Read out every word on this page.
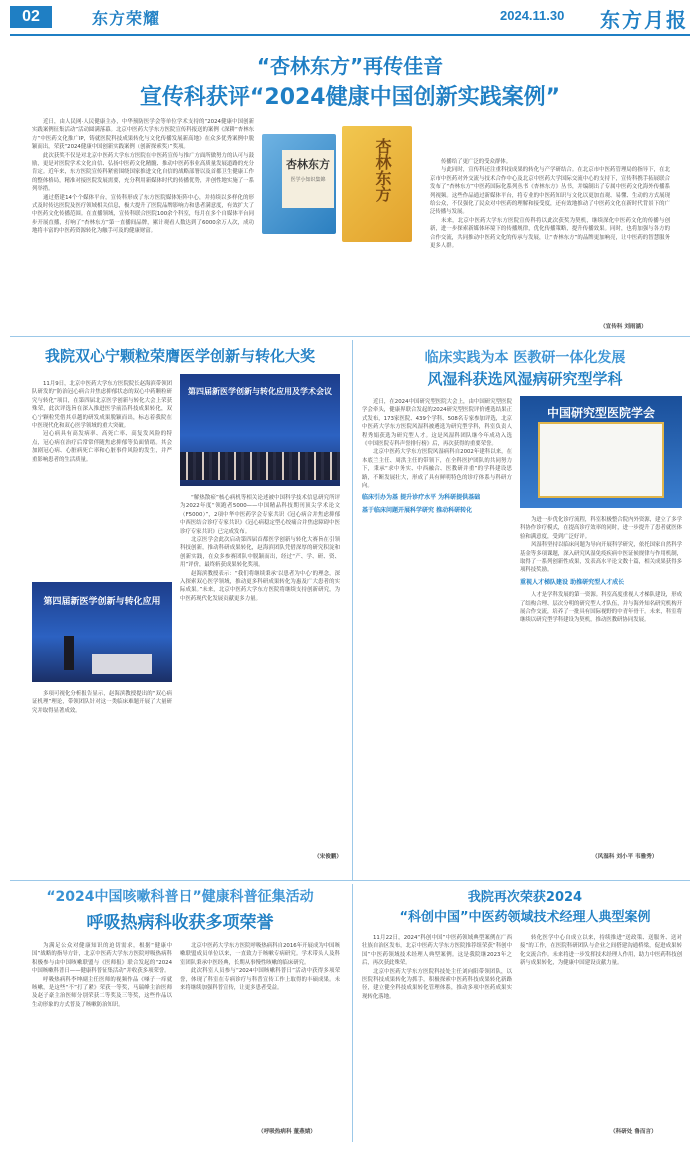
02	东方荣耀	2024.11.30 东方月报
“杏林东方”再传佳音
宣传科获评“2024健康中国创新实践案例”

近日，由人民网·人民健康主办，中华预防医学会等单位学术支持的“2024健康中国创新实践案例征集活动”活动圆满落幕。北京中医药大学东方医院宣传科报送的案例《深耕“杏林东方”中医药文化推广IP，铸就医院科技成果转化与文化传播发展新高地》在众多优秀案例中脱颖而出，荣获“2024健康中国创新实践案例（创新探索奖）”奖项。

此次获奖不仅是对北京中医药大学东方医院在中医药宣传与推广方面所做努力的认可与鼓励，更是对医院学术文化自信、弘扬中医药文化精髓、推动中医药事业高质量发展道路的充分肯定。近年来，东方医院宣传科紧密围绕国家推进文化自信的战略部署以及首都卫生健康工作的整体格局，精准对接医院发展需要，充分利用新媒体时代的传播优势，并创性地实施了一系列举措。

通过搭建14个个媒体平台，宣传科形成了东方医院媒体矩阵中心，并持续以多样化的形式及时传达医院及医疗领域相关信息，极大提升了医院品牌影响力和患者满意度，有效扩大了中医药文化传播范围。在直播领域，宣传科联合医院100余个科室，每月在多个自媒体平台同步开展直播，打响了“杏林东方”第一直播间品牌，累计观看人数达到了6000余万人次，成功地将丰富的中医药资源转化为触手可及的健康财富。

杏林东方
医学小知识集锦	杏林东方	传播给了更广泛的受众群体。

与此同时，宣传科还注重科技成果的转化与产学研结合。在北京市中医药管理局的指导下，在北京市中医药对外交流与技术合作中心及北京中医药大学国际交流中心的支持下，宣传科携手拓展联合发布了“杏林东方”中医药国际化系列丛书《杏林东方》丛书，并编制出了专属中医药文化海外传播系列视频。这些作品通过新媒体平台，将专业的中医药知识与文化以更加直观、易懂、生动的方式展现给公众，不仅强化了民众对中医药的理解和接受度，还有效地推动了中医药文化在新时代背景下的广泛传播与发展。

未来，北京中医药大学东方医院宣传科将以此次获奖为契机，继续深化中医药文化的传播与创新，进一步探索新媒体环境下的传播规律，优化传播策略，提升传播效果。同时，也将加强与各方的合作交流，共同推动中医药文化的传承与发展，让“杏林东方”的品牌更加响亮，让中医药的智慧服务更多人群。

（宣传科 刘雨涵）
我院双心宁颗粒荣膺医学创新与转化大奖

11月9日，北京中医药大学东方医院院长赵海滨带领团队研发的“防治冠心病合并焦虑抑郁状态的双心中药颗粒研究与转化”项目，在第四届北京医学创新与转化大会上荣获殊荣，此次评选旨在深入推进医学前沿科技成果转化，双心宁颗粒凭借其卓越的研发成果脱颖而出，标志着我院在中医现代化和双心医学领域的重大突破。

冠心病具有高发病率、高死亡率、高复发风险的特点，冠心病在治疗后常常伴随焦虑抑郁等负面情绪。其会加剧冠心病、心脏病死亡率和心脏事件风险的发生，并严重影响患者的生活质量。

第四届新医学创新与转化应用及学术会议

“解热散瘀”核心病机等相关论述被中国科学技术信息研究所评为2022年度“领跑者5000——中国精品科技期刊顶尖学术论文（F5000）”，2项中华中医药学会专家共识《冠心病合并焦虑抑郁中西医结合诊疗专家共识》《冠心病稳定型心绞痛合并焦虑障碍中医诊疗专家共识》已完成发布。

北京医学会此次启动第四届首都医学创新与转化大赛旨在引领科技创新，推动科研成果转化，赵海滨团队凭借深厚的研究积淀和创新实践，在众多参赛团队中脱颖而出，经过“产、学、研、资、用”评价，最终斩获成果转化奖项。

赵海滨教授表示：“我们将继续秉承‘以患者为中心’的理念，深入探索双心医学领域，推动更多科研成果转化为惠及广大患者的实际成果。”未来，北京中医药大学东方医院将继续支持创新研究，为中医药现代化发展贡献更多力量。

第四届新医学创新与转化应用

多项可视化分析报告显示，赵海滨教授提出的“双心病证机理”理论，带领团队针对这一类临床难题开展了大量研究并取得显著成效。

（宋俊鹏）
临床实践为本 医教研一体化发展
风湿科获选风湿病研究型学科

近日，在2024中国研究型医院大会上，由中国研究型医院学会牵头，健康界联合发起的2024研究型医院评价遴选结果正式发布，173家医院、439个学科、508名专家参加评选，北京中医药大学东方医院风湿科被遴选为研究型学科，科室负责人程秀娟获选为研究型人才。这是风湿科团队继今年成功入选《中国医院专科声誉排行榜》后，再次获得的重要荣誉。

北京中医药大学东方医院风湿病科自2002年建科以来，在本底兰主任、周洪主任的带领下，在全科医护团队的共同努力下，秉承“求中务实、中西融合、医教研并重”的学科建设思路，不断发展壮大，形成了具有鲜明特色的诊疗体系与科研方向。

临床引办为基 提升诊疗水平 为科研提供基础
基于临床问题开展科学研究 推动科研转化
中国研究型医院学会

为进一步优化诊疗流程，科室积极整合院内外资源，建立了多学科协作诊疗模式，在提高诊疗效率的同时，进一步提升了患者就医体验和满意度，受到广泛好评。

风湿科坚持以临床问题为导向开展科学研究，依托国家自然科学基金等多项课题，深入研究风湿免疫疾病中医证候规律与作用机制，取得了一系列创新性成果，发表高水平论文数十篇，相关成果获得多项科技奖励。

重视人才梯队建设 助推研究型人才成长

人才是学科发展的第一资源。科室高度重视人才梯队建设，形成了结构合理、层次分明的研究型人才队伍，并与海外知名研究机构开展合作交流，培养了一批具有国际视野的中青年骨干。未来，科室将继续以研究型学科建设为契机，推动医教研协同发展。

（风湿科 刘小平 韦雅秀）
“2024中国咳嗽科普日”健康科普征集活动
呼吸热病科收获多项荣誉

为满足公众对健康知识的迫切需求，根据“健康中国”战略的指导方针，北京中医药大学东方医院呼吸热病科积极参与由中国咳嗽联盟与《医师报》联合发起的“2024中国咳嗽科普日——健康科普征集活动”并收获多项荣誉。

呼吸热病科李坤副主任医师的视频作品《嗓子一痒就咳嗽，是这些“不”打了紧》荣获一等奖，马瑞峰主治医师及赵子豪主治医师分别荣获二等奖及三等奖，这些作品以生动形象的方式普及了咳嗽防治知识。

北京中医药大学东方医院呼吸热病科自2016年开展成为中国咳嗽联盟成员单位以来，一直致力于咳嗽专病研究。学术带头人及科室团队秉承中医经典，长期从事慢性咳嗽的临床研究。

此次科室人员参与“2024中国咳嗽科普日”活动中获得多项荣誉，体现了科室在专病诊疗与科普宣传工作上取得的丰硕成果。未来将继续加强科普宣传，让更多患者受益。

（呼吸热病科 董燕婧）
我院再次荣获2024
“科创中国”中医药领域技术经理人典型案例

11月22日，2024“科创中国”中医药领域典型案例在广西壮族自治区发布，北京中医药大学东方医院推荐组荣获“科创中国”中医药领域技术经理人典型案例。这是我院继2023年之后，再次获此殊荣。

北京中医药大学东方医院科技处主任刘向阳带领团队，以医院科技成果转化为抓手，积极探索中医药科技成果转化新路径，建立健全科技成果转化管理体系，推动多项中医药成果实现转化落地。

转化医学中心自成立以来，持续推进“送政策、送服务、送对接”的工作，在医院科研团队与企业之间搭建沟通桥梁，促进成果转化交流合作。未来将进一步发挥技术经理人作用，助力中医药科技创新与成果转化，为健康中国建设贡献力量。

（科研处 鲁而言）
